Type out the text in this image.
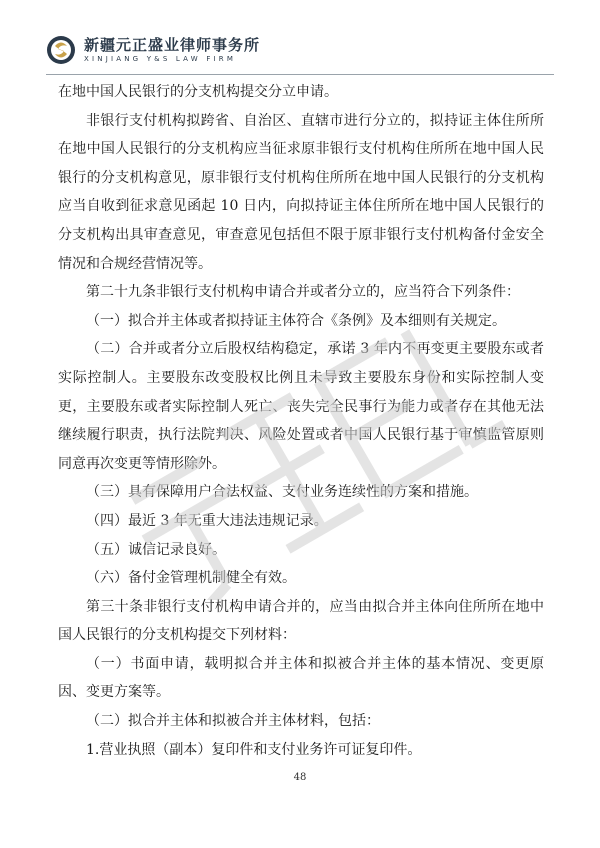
新疆元正盛业律师事务所
XINJIANG Y&S LAW FIRM

在地中国人民银行的分支机构提交分立申请。

非银行支付机构拟跨省、自治区、直辖市进行分立的，拟持证主体住所所在地中国人民银行的分支机构应当征求原非银行支付机构住所所在地中国人民银行的分支机构意见，原非银行支付机构住所所在地中国人民银行的分支机构应当自收到征求意见函起 10 日内，向拟持证主体住所所在地中国人民银行的分支机构出具审查意见，审查意见包括但不限于原非银行支付机构备付金安全情况和合规经营情况等。

第二十九条非银行支付机构申请合并或者分立的，应当符合下列条件：

（一）拟合并主体或者拟持证主体符合《条例》及本细则有关规定。

（二）合并或者分立后股权结构稳定，承诺 3 年内不再变更主要股东或者实际控制人。主要股东改变股权比例且未导致主要股东身份和实际控制人变更，主要股东或者实际控制人死亡、丧失完全民事行为能力或者存在其他无法继续履行职责，执行法院判决、风险处置或者中国人民银行基于审慎监管原则同意再次变更等情形除外。

（三）具有保障用户合法权益、支付业务连续性的方案和措施。

（四）最近 3 年无重大违法违规记录。

（五）诚信记录良好。

（六）备付金管理机制健全有效。

第三十条非银行支付机构申请合并的，应当由拟合并主体向住所所在地中国人民银行的分支机构提交下列材料：

（一）书面申请，载明拟合并主体和拟被合并主体的基本情况、变更原因、变更方案等。

（二）拟合并主体和拟被合并主体材料，包括：

1.营业执照（副本）复印件和支付业务许可证复印件。

48
